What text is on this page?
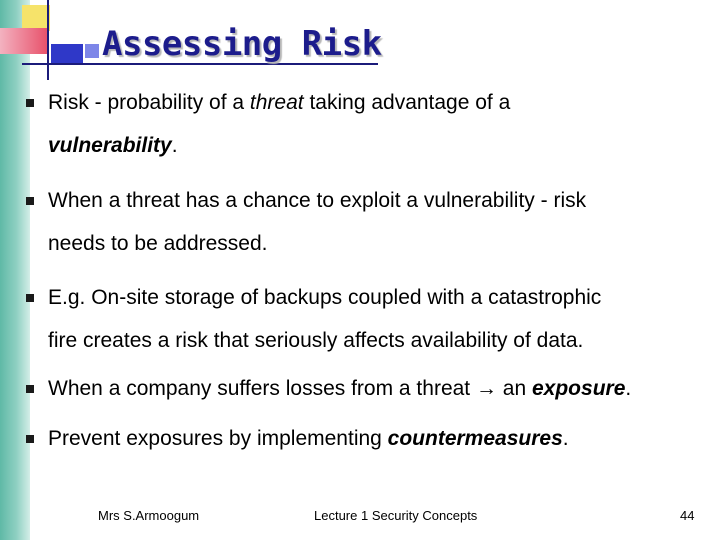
Assessing Risk
Risk - probability of a threat taking advantage of a
vulnerability.
When a threat has a chance to exploit a vulnerability - risk
needs to be addressed.
E.g. On-site storage of backups coupled with a catastrophic
fire creates a risk that seriously affects availability of data.
When a company suffers losses from a threat → an exposure.
Prevent exposures by implementing countermeasures.
Mrs S.Armoogum	Lecture 1 Security Concepts	44
